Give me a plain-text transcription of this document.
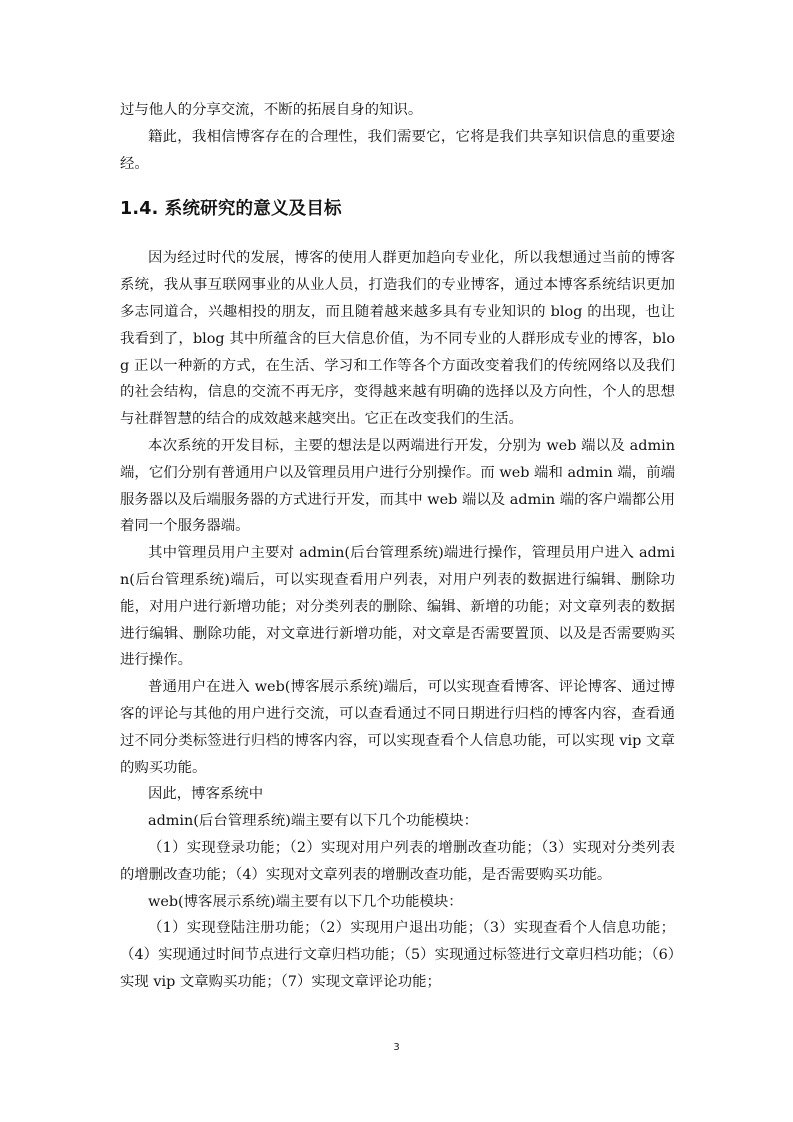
过与他人的分享交流，不断的拓展自身的知识。

籍此，我相信博客存在的合理性，我们需要它，它将是我们共享知识信息的重要途经。

1.4. 系统研究的意义及目标

因为经过时代的发展，博客的使用人群更加趋向专业化，所以我想通过当前的博客系统，我从事互联网事业的从业人员，打造我们的专业博客，通过本博客系统结识更加多志同道合，兴趣相投的朋友，而且随着越来越多具有专业知识的 blog 的出现，也让我看到了，blog 其中所蕴含的巨大信息价值，为不同专业的人群形成专业的博客，blog 正以一种新的方式，在生活、学习和工作等各个方面改变着我们的传统网络以及我们的社会结构，信息的交流不再无序，变得越来越有明确的选择以及方向性，个人的思想与社群智慧的结合的成效越来越突出。它正在改变我们的生活。

本次系统的开发目标，主要的想法是以两端进行开发，分别为 web 端以及 admin 端，它们分别有普通用户以及管理员用户进行分别操作。而 web 端和 admin 端，前端服务器以及后端服务器的方式进行开发，而其中 web 端以及 admin 端的客户端都公用着同一个服务器端。

其中管理员用户主要对 admin(后台管理系统)端进行操作，管理员用户进入 admin(后台管理系统)端后，可以实现查看用户列表，对用户列表的数据进行编辑、删除功能，对用户进行新增功能；对分类列表的删除、编辑、新增的功能；对文章列表的数据进行编辑、删除功能，对文章进行新增功能，对文章是否需要置顶、以及是否需要购买进行操作。

普通用户在进入 web(博客展示系统)端后，可以实现查看博客、评论博客、通过博客的评论与其他的用户进行交流，可以查看通过不同日期进行归档的博客内容，查看通过不同分类标签进行归档的博客内容，可以实现查看个人信息功能，可以实现 vip 文章的购买功能。

因此，博客系统中

admin(后台管理系统)端主要有以下几个功能模块：

（1）实现登录功能；（2）实现对用户列表的增删改查功能；（3）实现对分类列表的增删改查功能；（4）实现对文章列表的增删改查功能，是否需要购买功能。

web(博客展示系统)端主要有以下几个功能模块：

（1）实现登陆注册功能；（2）实现用户退出功能；（3）实现查看个人信息功能；（4）实现通过时间节点进行文章归档功能；（5）实现通过标签进行文章归档功能；（6）实现 vip 文章购买功能；（7）实现文章评论功能；

3
